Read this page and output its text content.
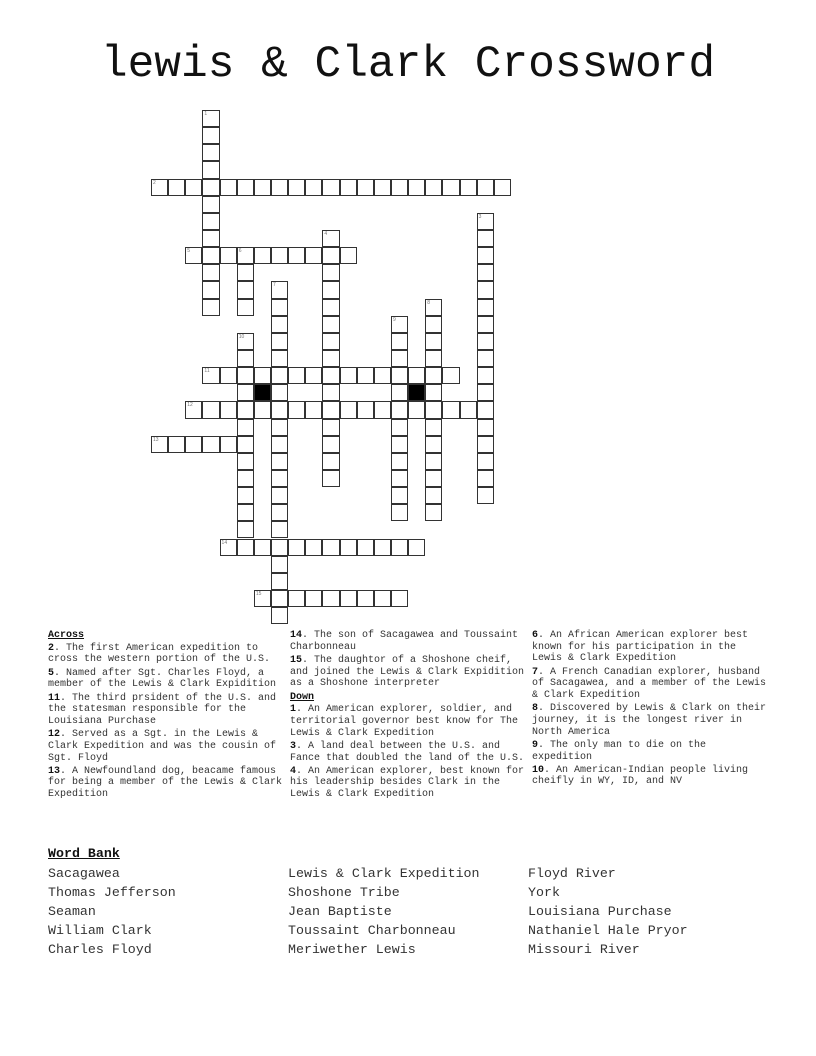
lewis & Clark Crossword
1
2
3
4
5	6
7
8
9
10
11
12
13
14
15
Across
2. The first American expedition to cross the western portion of the U.S.
5. Named after Sgt. Charles Floyd, a member of the Lewis & Clark Expidition
11. The third prsident of the U.S. and the statesman responsible for the Louisiana Purchase
12. Served as a Sgt. in the Lewis & Clark Expedition and was the cousin of Sgt. Floyd
13. A Newfoundland dog, beacame famous for being a member of the Lewis & Clark Expedition
14. The son of Sacagawea and Toussaint Charbonneau
15. The daughtor of a Shoshone cheif, and joined the Lewis & Clark Expidition as a Shoshone interpreter
Down
1. An American explorer, soldier, and territorial governor best know for The Lewis & Clark Expedition
3. A land deal between the U.S. and Fance that doubled the land of the U.S.
4. An American explorer, best known for his leadership besides Clark in the Lewis & Clark Expedition
6. An African American explorer best known for his participation in the Lewis & Clark Expedition
7. A French Canadian explorer, husband of Sacagawea, and a member of the Lewis & Clark Expedition
8. Discovered by Lewis & Clark on their journey, it is the longest river in North America
9. The only man to die on the expedition
10. An American-Indian people living cheifly in WY, ID, and NV
Word Bank
Sacagawea
Thomas Jefferson
Seaman
William Clark
Charles Floyd
Lewis & Clark Expedition
Shoshone Tribe
Jean Baptiste
Toussaint Charbonneau
Meriwether Lewis
Floyd River
York
Louisiana Purchase
Nathaniel Hale Pryor
Missouri River
